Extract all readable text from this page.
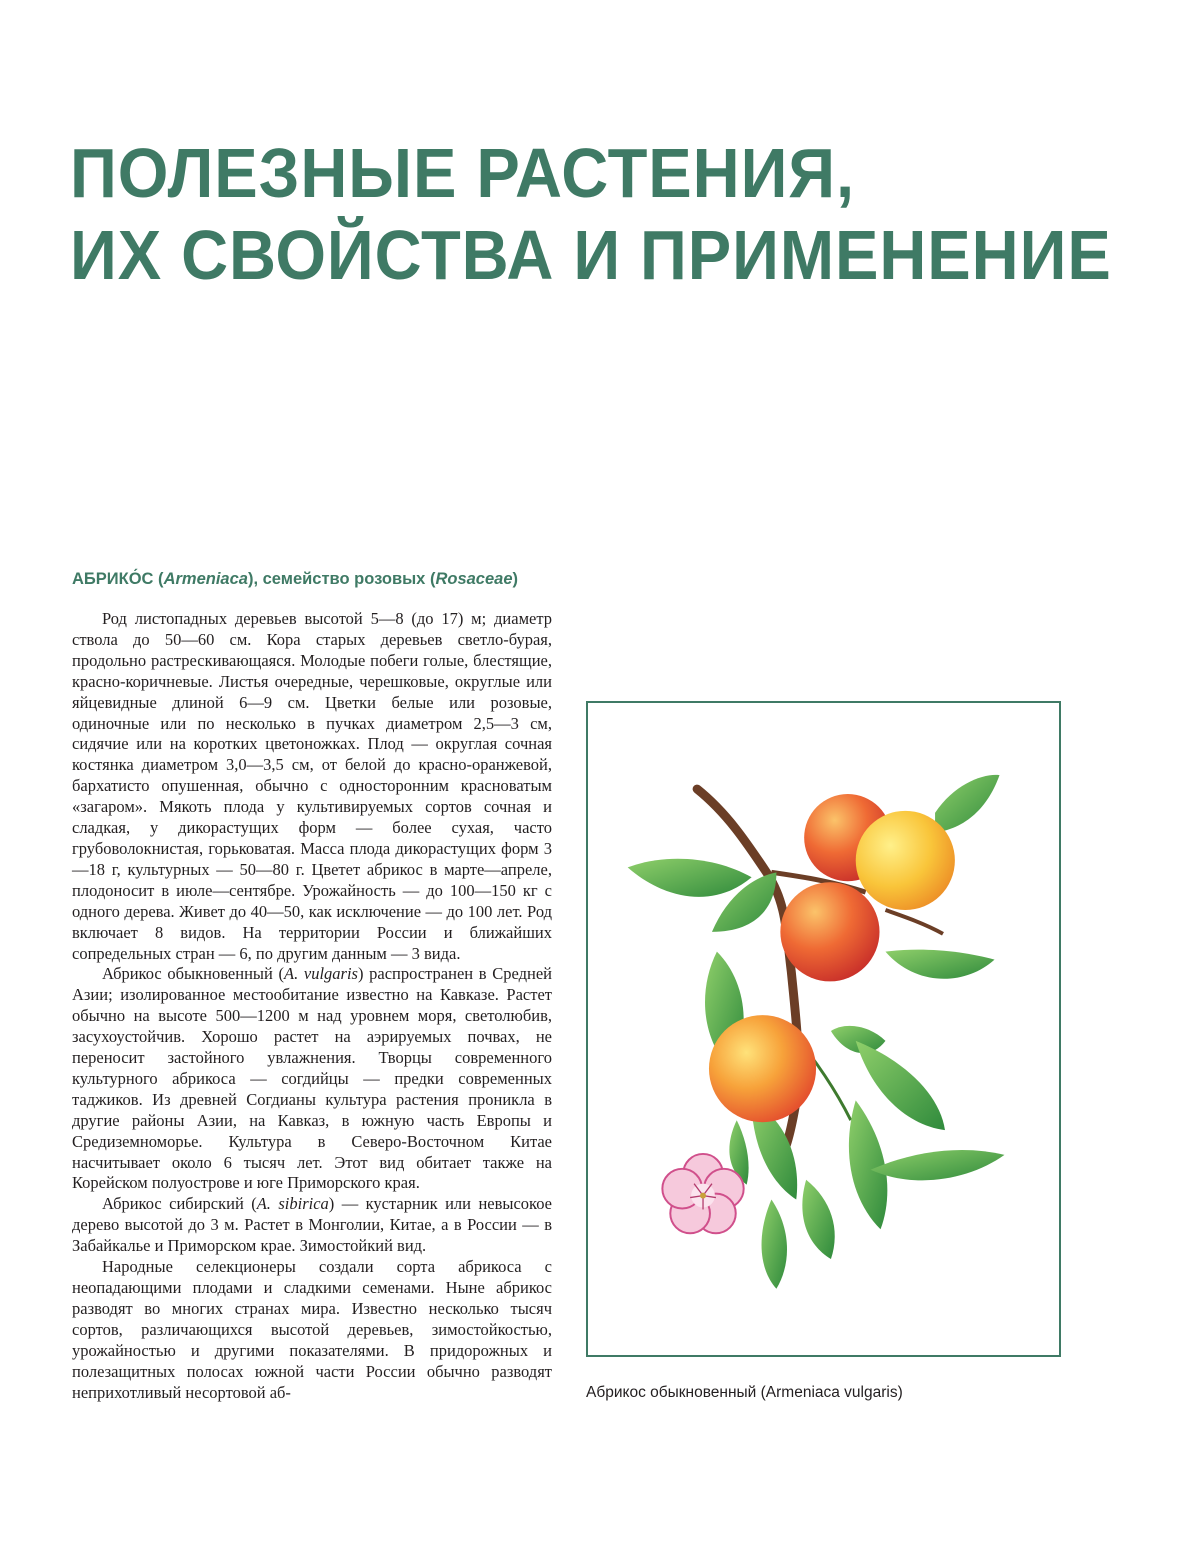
ПОЛЕЗНЫЕ РАСТЕНИЯ,
ИХ СВОЙСТВА И ПРИМЕНЕНИЕ
АБРИКО́С (Armeniaca), семейство розовых (Rosaceae)

Род листопадных деревьев высотой 5—8 (до 17) м; диаметр ствола до 50—60 см. Кора старых деревьев светло-бурая, продольно растрескивающаяся. Молодые побеги голые, блестящие, красно-коричневые. Листья очередные, черешковые, округлые или яйцевидные длиной 6—9 см. Цветки белые или розовые, одиночные или по несколько в пучках диаметром 2,5—3 см, сидячие или на коротких цветоножках. Плод — округлая сочная костянка диаметром 3,0—3,5 см, от белой до красно-оранжевой, бархатисто опушенная, обычно с односторонним красноватым «загаром». Мякоть плода у культивируемых сортов сочная и сладкая, у дикорастущих форм — более сухая, часто грубоволокнистая, горьковатая. Масса плода дикорастущих форм 3—18 г, культурных — 50—80 г. Цветет абрикос в марте—апреле, плодоносит в июле—сентябре. Урожайность — до 100—150 кг с одного дерева. Живет до 40—50, как исключение — до 100 лет. Род включает 8 видов. На территории России и ближайших сопредельных стран — 6, по другим данным — 3 вида.

Абрикос обыкновенный (A. vulgaris) распространен в Средней Азии; изолированное местообитание известно на Кавказе. Растет обычно на высоте 500—1200 м над уровнем моря, светолюбив, засухоустойчив. Хорошо растет на аэрируемых почвах, не переносит застойного увлажнения. Творцы современного культурного абрикоса — согдийцы — предки современных таджиков. Из древней Согдианы культура растения проникла в другие районы Азии, на Кавказ, в южную часть Европы и Средиземноморье. Культура в Северо-Восточном Китае насчитывает около 6 тысяч лет. Этот вид обитает также на Корейском полуострове и юге Приморского края.

Абрикос сибирский (A. sibirica) — кустарник или невысокое дерево высотой до 3 м. Растет в Монголии, Китае, а в России — в Забайкалье и Приморском крае. Зимостойкий вид.

Народные селекционеры создали сорта абрикоса с неопадающими плодами и сладкими семенами. Ныне абрикос разводят во многих странах мира. Известно несколько тысяч сортов, различающихся высотой деревьев, зимостойкостью, урожайностью и другими показателями. В придорожных и полезащитных полосах южной части России обычно разводят неприхотливый несортовой аб-	Абрикос обыкновенный (Armeniaca vulgaris)
